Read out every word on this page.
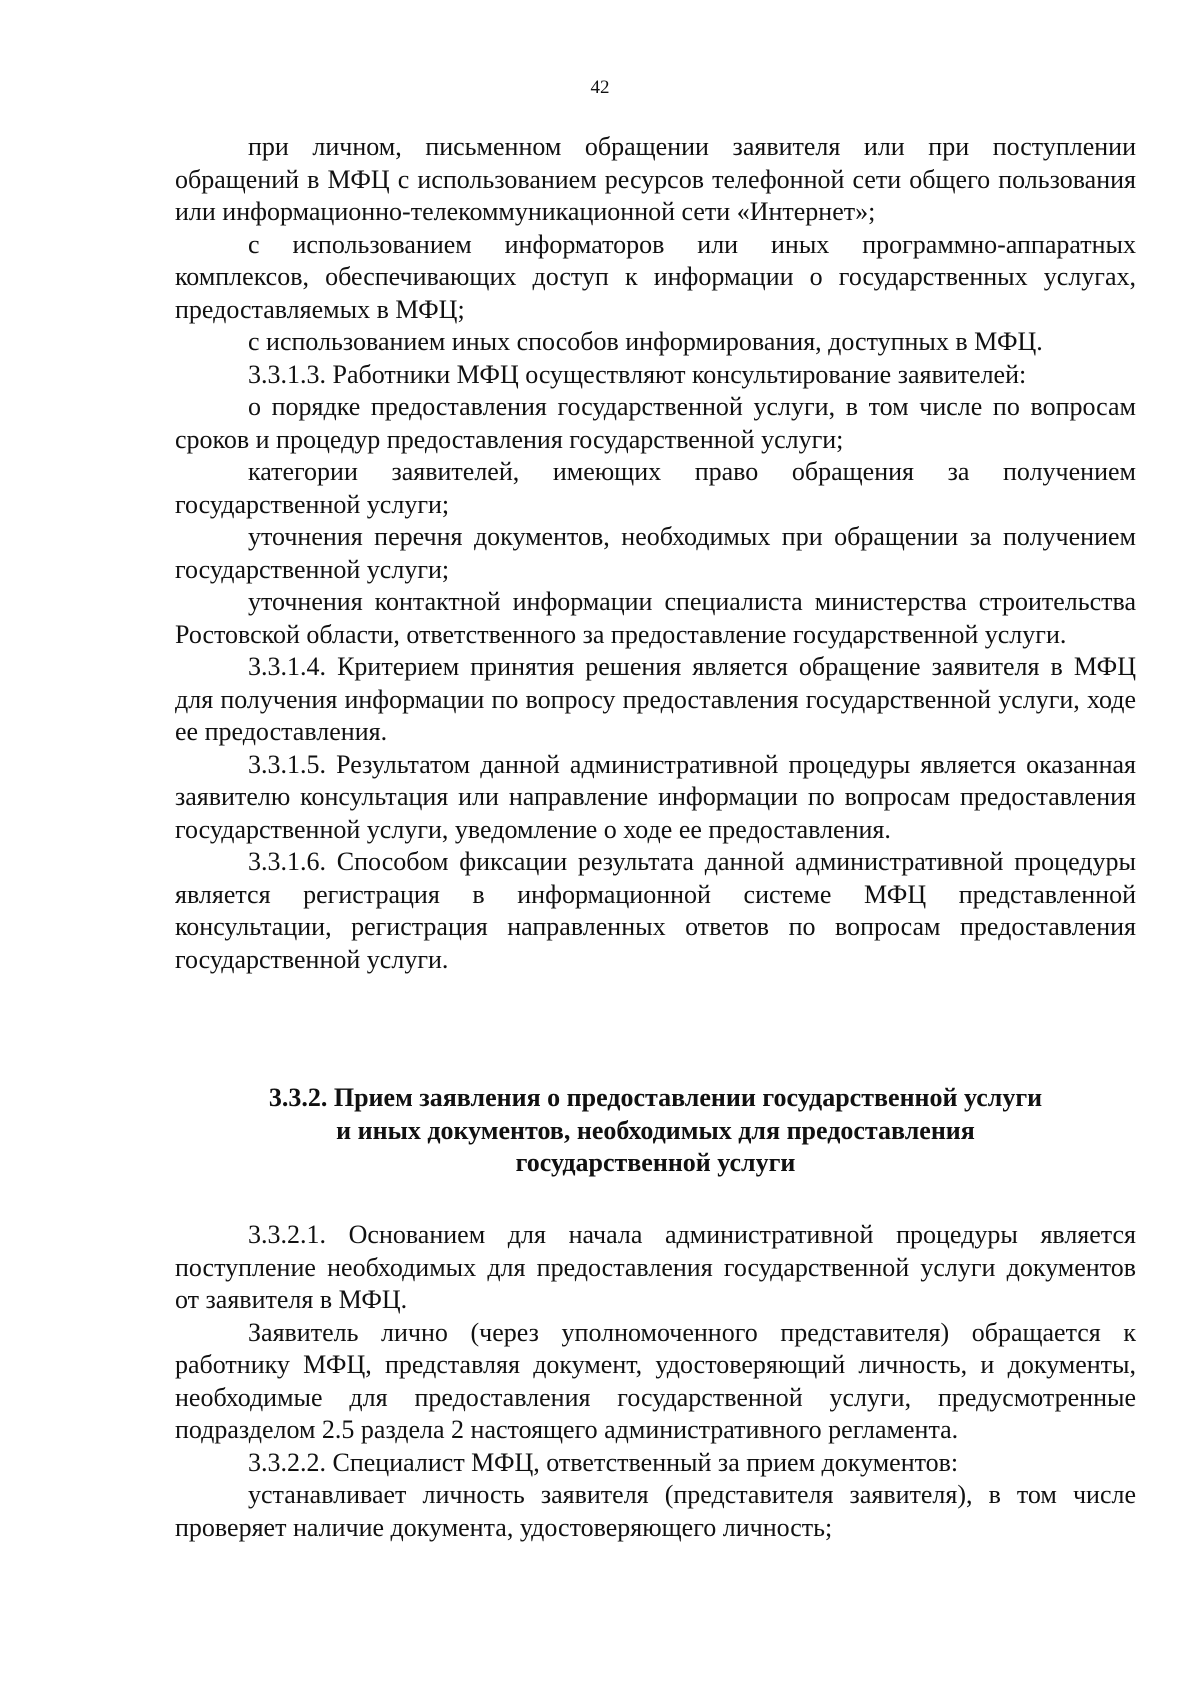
42

при личном, письменном обращении заявителя или при поступлении обращений в МФЦ с использованием ресурсов телефонной сети общего пользования или информационно-телекоммуникационной сети «Интернет»;

с использованием информаторов или иных программно-аппаратных комплексов, обеспечивающих доступ к информации о государственных услугах, предоставляемых в МФЦ;

с использованием иных способов информирования, доступных в МФЦ.

3.3.1.3. Работники МФЦ осуществляют консультирование заявителей:

о порядке предоставления государственной услуги, в том числе по вопросам сроков и процедур предоставления государственной услуги;

категории заявителей, имеющих право обращения за получением государственной услуги;

уточнения перечня документов, необходимых при обращении за получением государственной услуги;

уточнения контактной информации специалиста министерства строительства Ростовской области, ответственного за предоставление государственной услуги.

3.3.1.4. Критерием принятия решения является обращение заявителя в МФЦ для получения информации по вопросу предоставления государственной услуги, ходе ее предоставления.

3.3.1.5. Результатом данной административной процедуры является оказанная заявителю консультация или направление информации по вопросам предоставления государственной услуги, уведомление о ходе ее предоставления.

3.3.1.6. Способом фиксации результата данной административной процедуры является регистрация в информационной системе МФЦ представленной консультации, регистрация направленных ответов по вопросам предоставления государственной услуги.

3.3.2. Прием заявления о предоставлении государственной услуги
и иных документов, необходимых для предоставления
государственной услуги

3.3.2.1. Основанием для начала административной процедуры является поступление необходимых для предоставления государственной услуги документов от заявителя в МФЦ.

Заявитель лично (через уполномоченного представителя) обращается к работнику МФЦ, представляя документ, удостоверяющий личность, и документы, необходимые для предоставления государственной услуги, предусмотренные подразделом 2.5 раздела 2 настоящего административного регламента.

3.3.2.2. Специалист МФЦ, ответственный за прием документов:

устанавливает личность заявителя (представителя заявителя), в том числе проверяет наличие документа, удостоверяющего личность;
